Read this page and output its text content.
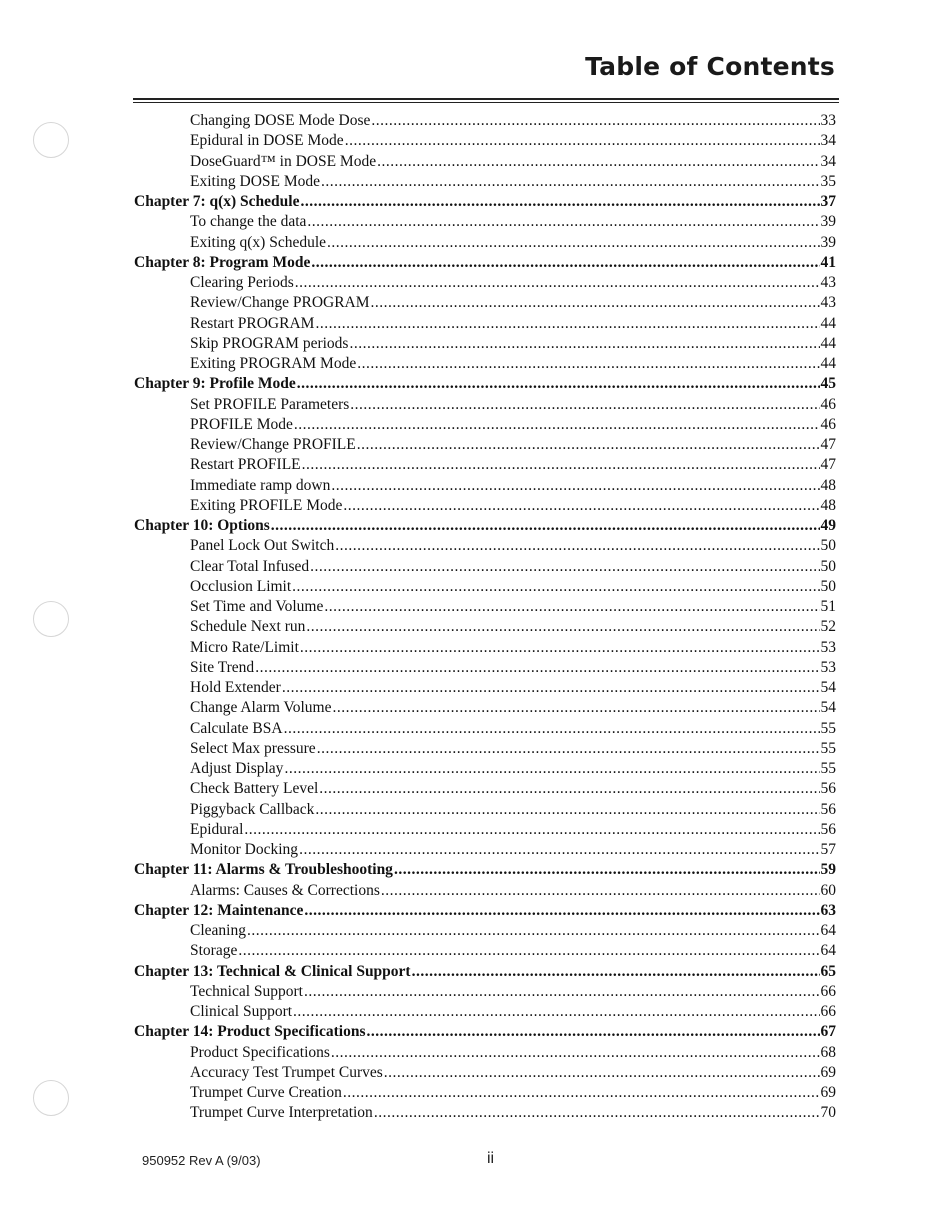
Table of Contents
Changing DOSE Mode Dose .....	33
Epidural in DOSE Mode .....	34
DoseGuard™ in DOSE Mode .....	34
Exiting DOSE Mode .....	35
Chapter 7: q(x) Schedule .....	37
To change the data .....	39
Exiting q(x) Schedule .....	39
Chapter 8: Program Mode .....	41
Clearing Periods .....	43
Review/Change PROGRAM .....	43
Restart PROGRAM .....	44
Skip PROGRAM periods .....	44
Exiting PROGRAM Mode .....	44
Chapter 9: Profile Mode .....	45
Set PROFILE Parameters .....	46
PROFILE Mode .....	46
Review/Change PROFILE .....	47
Restart PROFILE .....	47
Immediate ramp down .....	48
Exiting PROFILE Mode .....	48
Chapter 10: Options .....	49
Panel Lock Out Switch .....	50
Clear Total Infused .....	50
Occlusion Limit .....	50
Set Time and Volume .....	51
Schedule Next run .....	52
Micro Rate/Limit .....	53
Site Trend .....	53
Hold Extender .....	54
Change Alarm Volume .....	54
Calculate BSA .....	55
Select Max pressure .....	55
Adjust Display .....	55
Check Battery Level .....	56
Piggyback Callback .....	56
Epidural .....	56
Monitor Docking .....	57
Chapter 11: Alarms & Troubleshooting .....	59
Alarms: Causes & Corrections .....	60
Chapter 12: Maintenance .....	63
Cleaning .....	64
Storage .....	64
Chapter 13: Technical & Clinical Support .....	65
Technical Support .....	66
Clinical Support .....	66
Chapter 14: Product Specifications .....	67
Product Specifications .....	68
Accuracy Test Trumpet Curves .....	69
Trumpet Curve Creation .....	69
Trumpet Curve Interpretation .....	70
950952 Rev A (9/03)	ii
